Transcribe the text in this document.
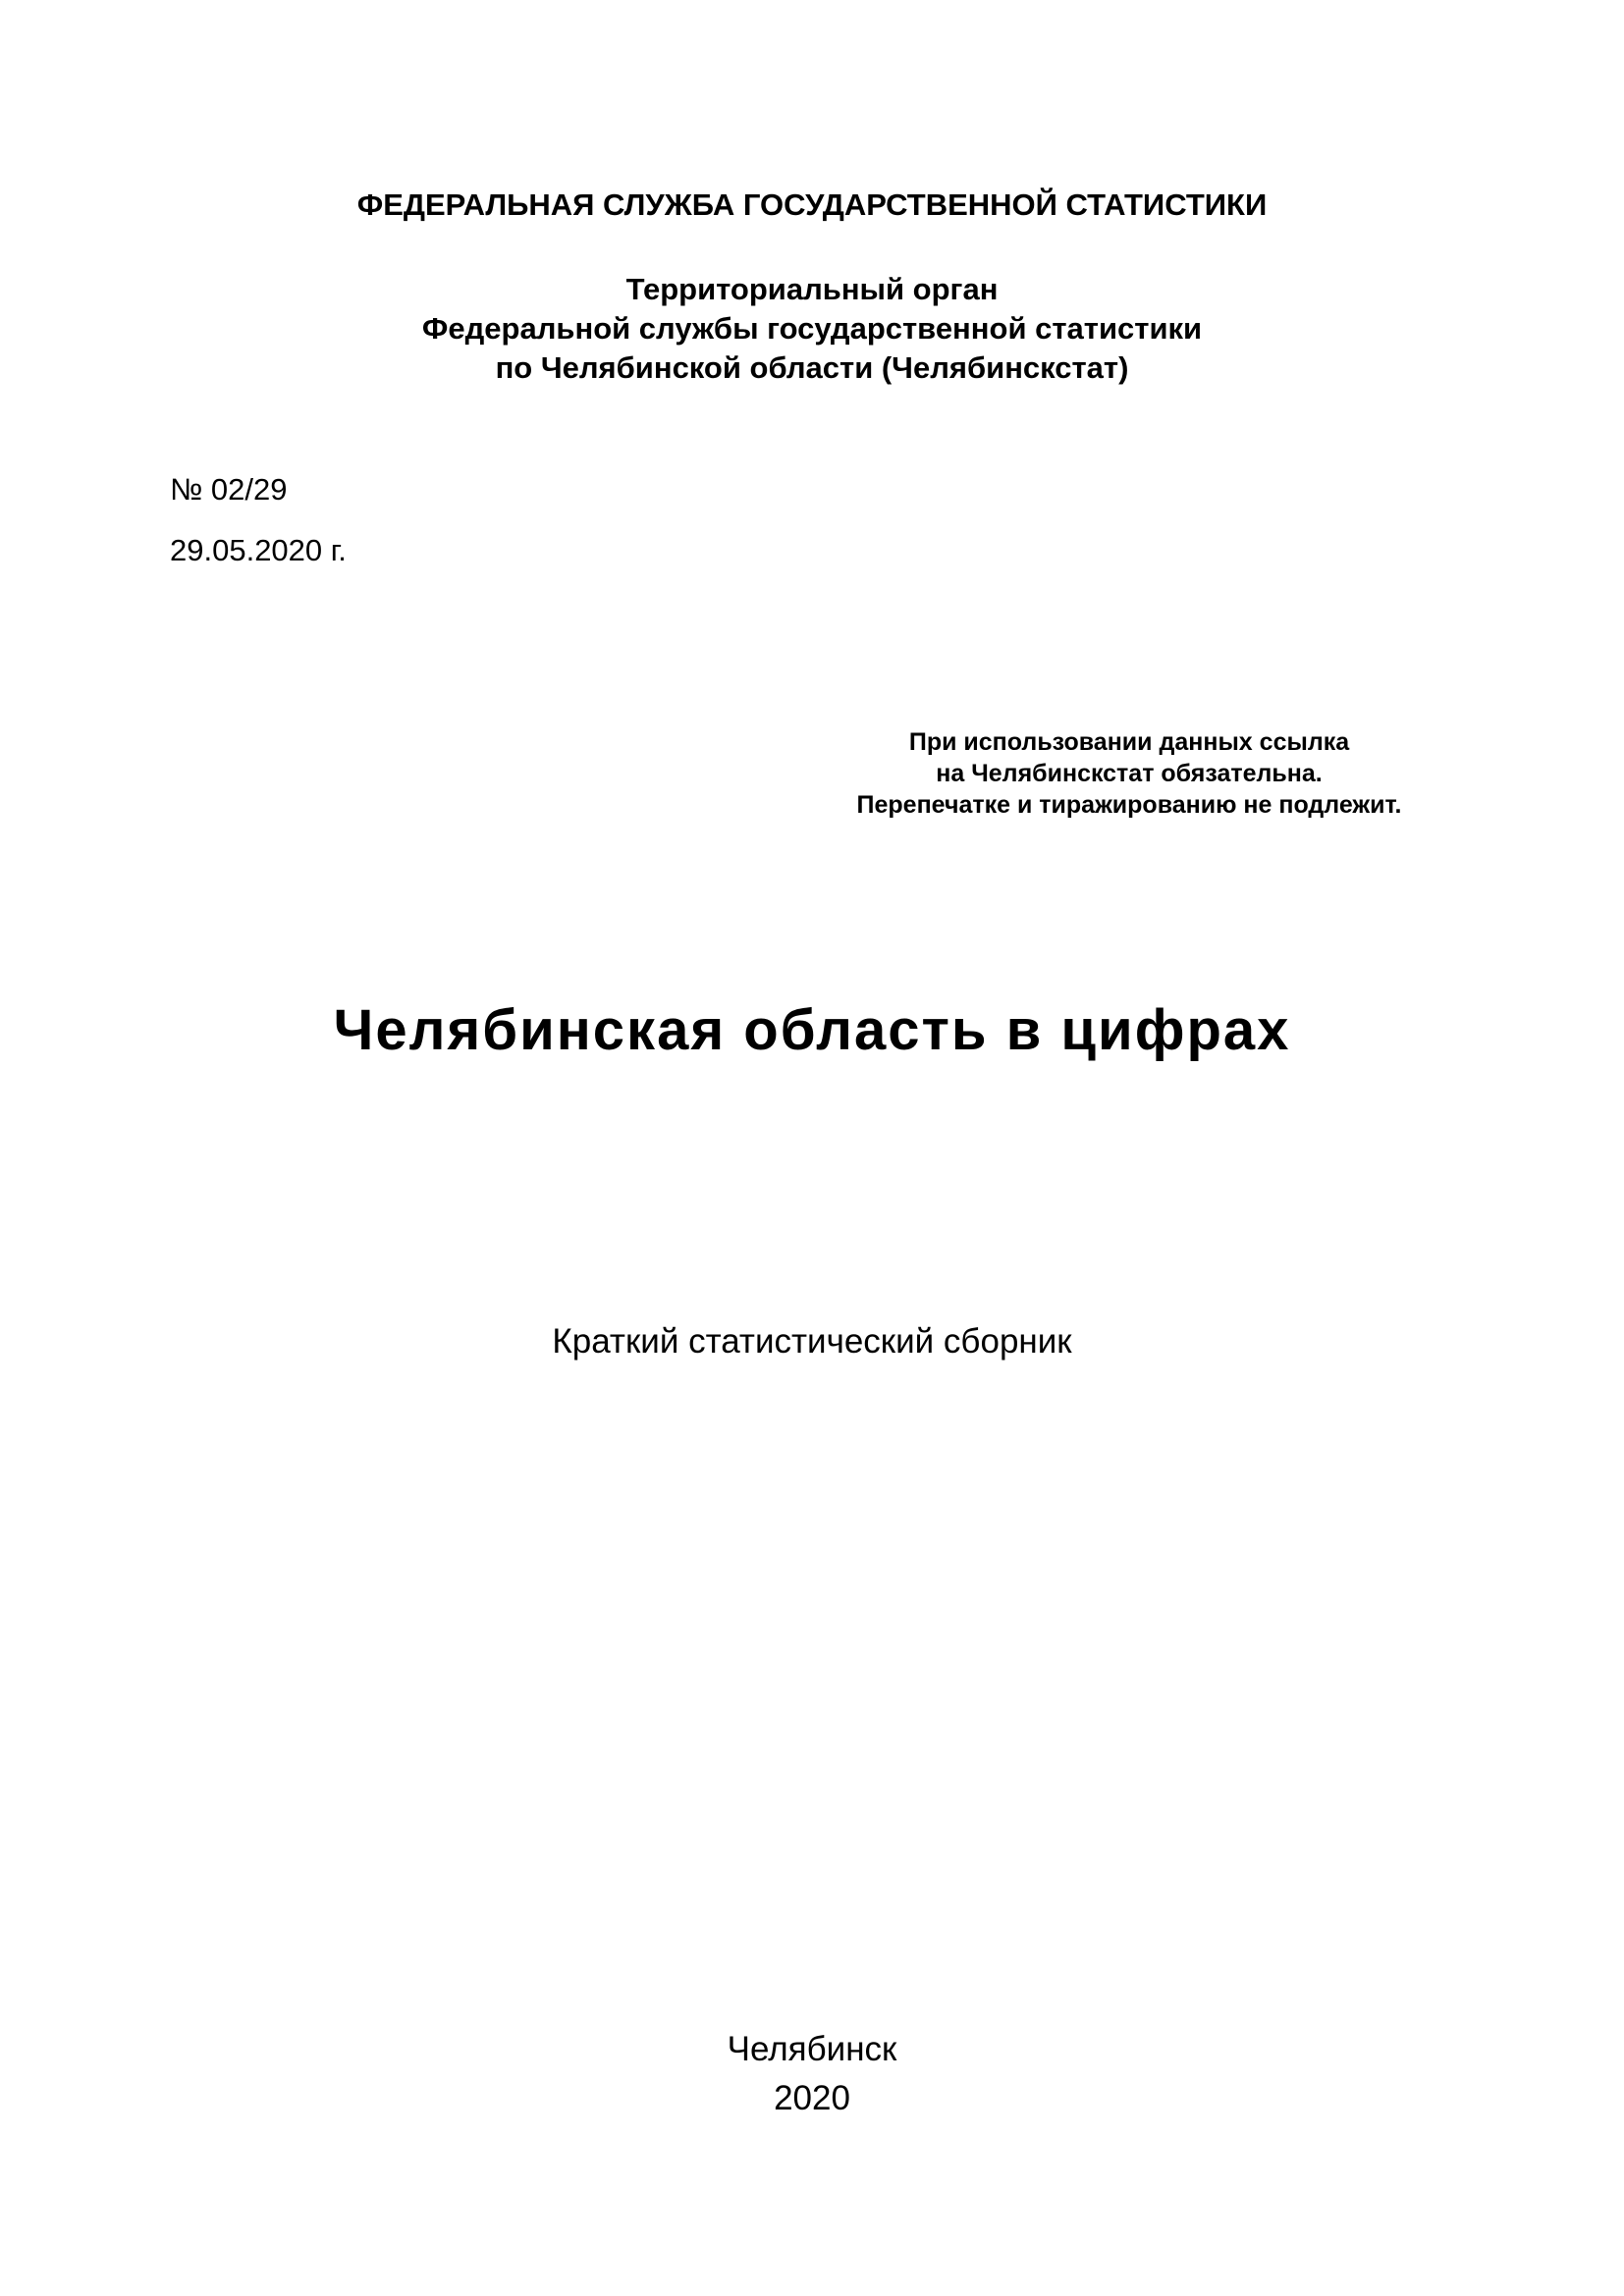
ФЕДЕРАЛЬНАЯ СЛУЖБА ГОСУДАРСТВЕННОЙ СТАТИСТИКИ
Территориальный орган
Федеральной службы государственной статистики
по Челябинской области (Челябинскстат)
№ 02/29
29.05.2020 г.
При использовании данных ссылка
на Челябинскстат обязательна.
Перепечатке и тиражированию не подлежит.
Челябинская область в цифрах
Краткий статистический сборник
Челябинск
2020
